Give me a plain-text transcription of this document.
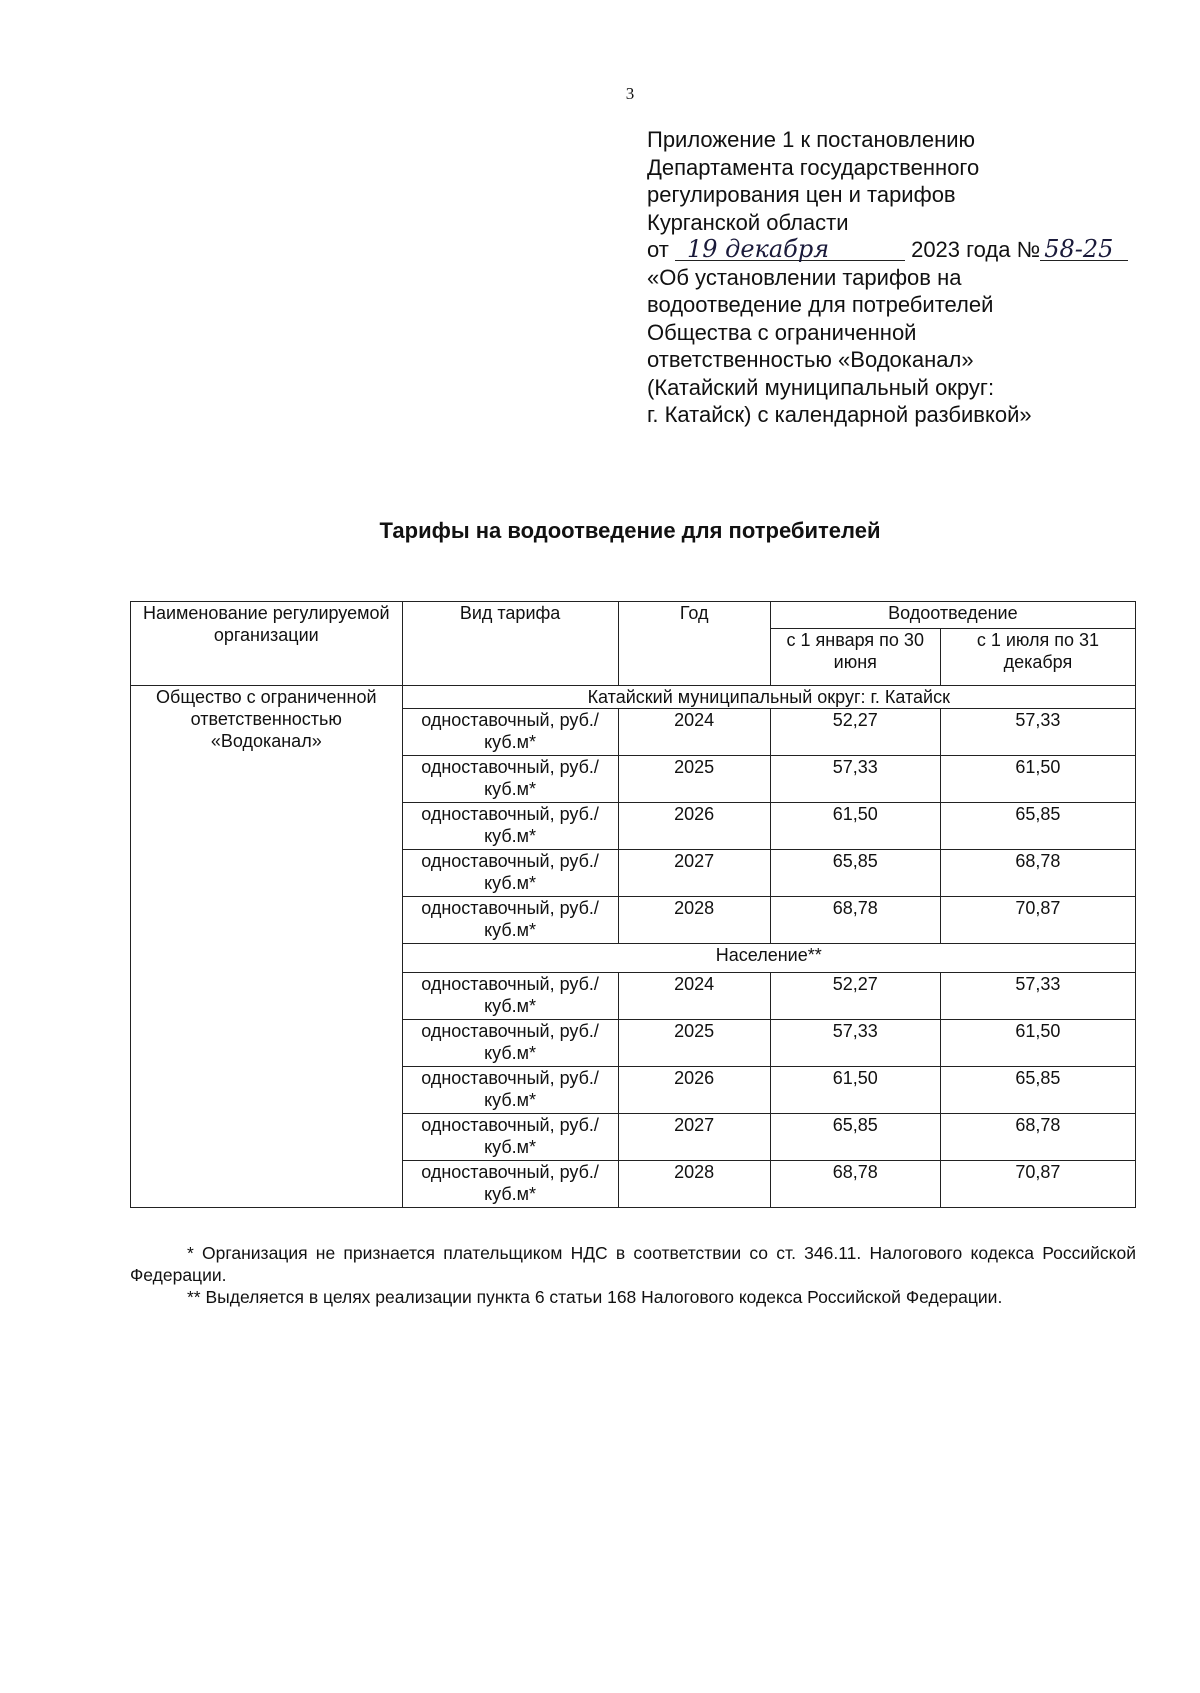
3
Приложение 1 к постановлению
Департамента государственного
регулирования цен и тарифов
Курганской области
от 19 декабря	2023 года № 58-25
«Об установлении тарифов на
водоотведение для потребителей
Общества с ограниченной
ответственностью «Водоканал»
(Катайский муниципальный округ:
г. Катайск) с календарной разбивкой»
Тарифы на водоотведение для потребителей
Наименование регулируемой организации	Вид тарифа	Год	Водоотведение	
			с 1 января по 30 июня	с 1 июля по 31 декабря
Общество с ограниченной ответственностью «Водоканал»	Катайский муниципальный округ: г. Катайск			
	одноставочный, руб./куб.м*	2024	52,27	57,33
	одноставочный, руб./куб.м*	2025	57,33	61,50
	одноставочный, руб./куб.м*	2026	61,50	65,85
	одноставочный, руб./куб.м*	2027	65,85	68,78
	одноставочный, руб./куб.м*	2028	68,78	70,87
	Население**			
	одноставочный, руб./куб.м*	2024	52,27	57,33
	одноставочный, руб./куб.м*	2025	57,33	61,50
	одноставочный, руб./куб.м*	2026	61,50	65,85
	одноставочный, руб./куб.м*	2027	65,85	68,78
	одноставочный, руб./куб.м*	2028	68,78	70,87

* Организация не признается плательщиком НДС в соответствии со ст. 346.11. Налогового кодекса Российской Федерации.

** Выделяется в целях реализации пункта 6 статьи 168 Налогового кодекса Российской Федерации.
